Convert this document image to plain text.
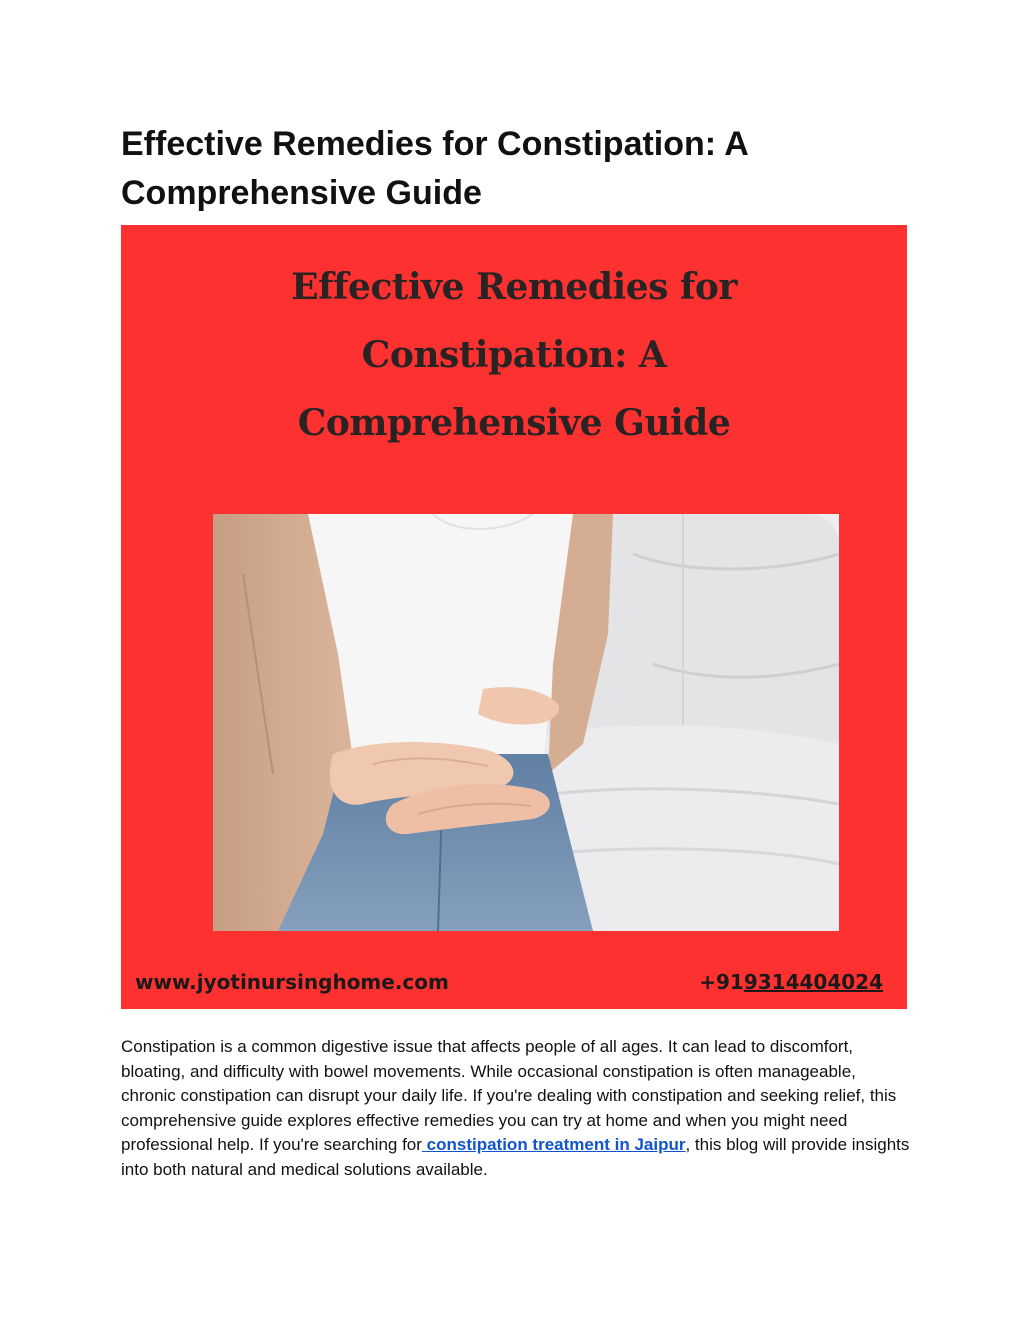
Effective Remedies for Constipation: A Comprehensive Guide
Effective Remedies for
Constipation: A
Comprehensive Guide
www.jyotinursinghome.com	+919314404024

Constipation is a common digestive issue that affects people of all ages. It can lead to discomfort, bloating, and difficulty with bowel movements. While occasional constipation is often manageable, chronic constipation can disrupt your daily life. If you're dealing with constipation and seeking relief, this comprehensive guide explores effective remedies you can try at home and when you might need professional help. If you're searching for constipation treatment in Jaipur, this blog will provide insights into both natural and medical solutions available.
